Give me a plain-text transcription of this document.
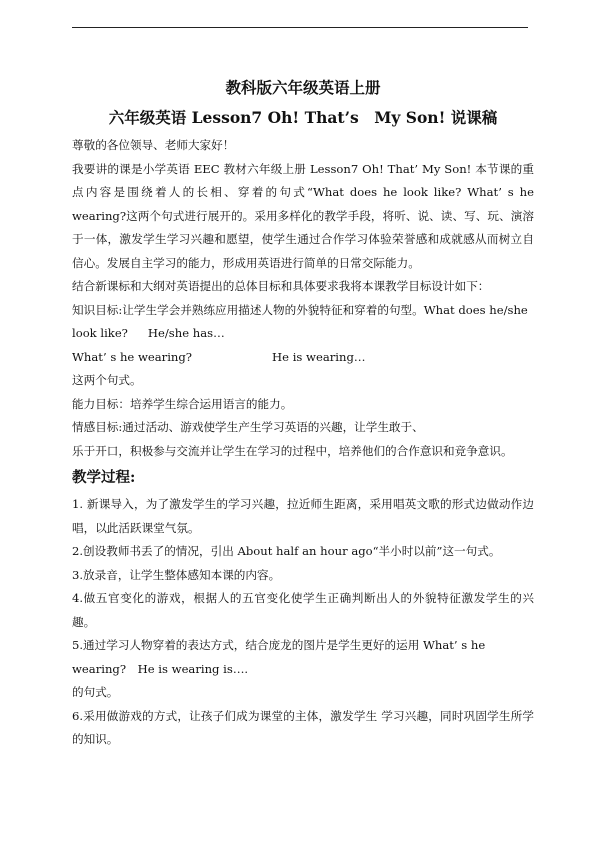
教科版六年级英语上册

六年级英语 Lesson7 Oh! That’s　My Son! 说课稿

尊敬的各位领导、老师大家好！

我要讲的课是小学英语 EEC 教材六年级上册 Lesson7 Oh! That’ My Son! 本节课的重点内容是围绕着人的长相、穿着的句式“What does he look like? What’ s he wearing?这两个句式进行展开的。采用多样化的教学手段，将听、说、读、写、玩、演溶于一体，激发学生学习兴趣和愿望，使学生通过合作学习体验荣誉感和成就感从而树立自信心。发展自主学习的能力，形成用英语进行简单的日常交际能力。

结合新课标和大纲对英语提出的总体目标和具体要求我将本课教学目标设计如下：

知识目标:让学生学会并熟练应用描述人物的外貌特征和穿着的句型。What does he/she

look like? He/she has…
What’ s he wearing?	He is wearing…

这两个句式。

能力目标：培养学生综合运用语言的能力。

情感目标:通过活动、游戏使学生产生学习英语的兴趣，让学生敢于、

乐于开口，积极参与交流并让学生在学习的过程中，培养他们的合作意识和竞争意识。

教学过程:

1. 新课导入，为了激发学生的学习兴趣，拉近师生距离，采用唱英文歌的形式边做动作边唱，以此活跃课堂气氛。

2.创设教师书丢了的情况，引出 About half an hour ago“半小时以前”这一句式。

3.放录音，让学生整体感知本课的内容。

4.做五官变化的游戏，根据人的五官变化使学生正确判断出人的外貌特征激发学生的兴趣。

5.通过学习人物穿着的表达方式，结合庞龙的图片是学生更好的运用 What’ s he

wearing?　He is wearing is….

的句式。

6.采用做游戏的方式，让孩子们成为课堂的主体，激发学生 学习兴趣，同时巩固学生所学的知识。
